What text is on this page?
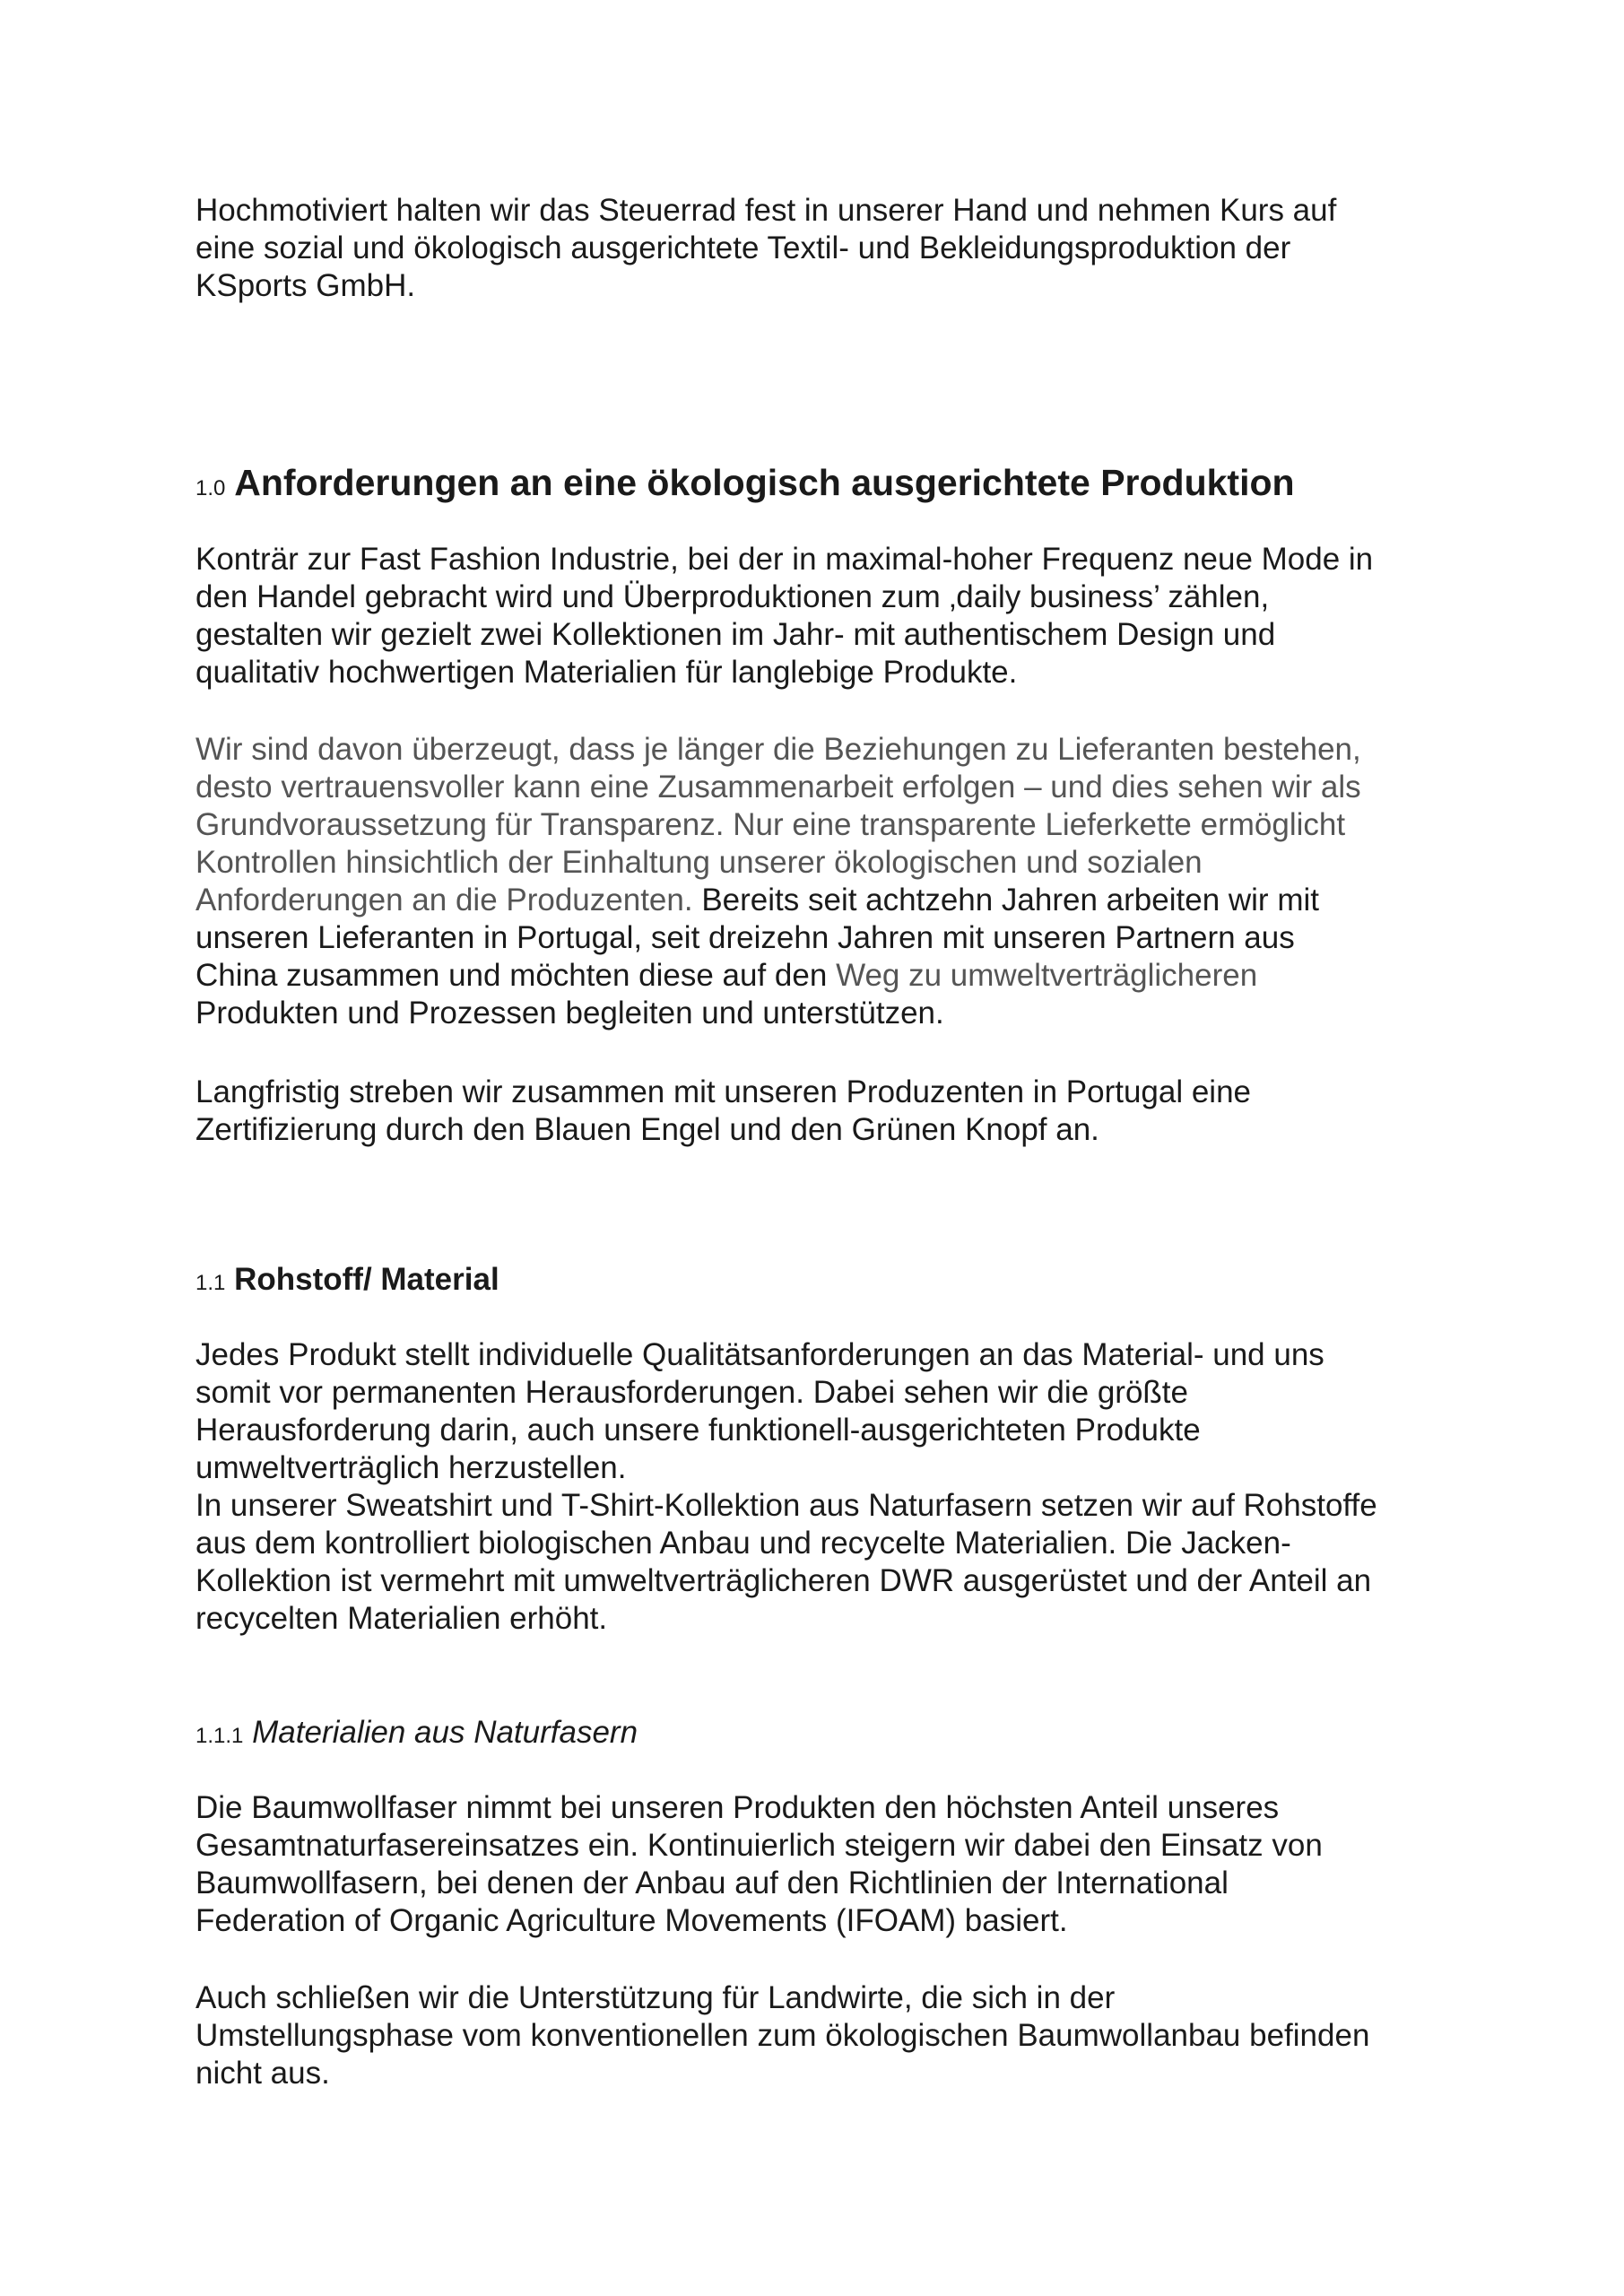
Hochmotiviert halten wir das Steuerrad fest in unserer Hand und nehmen Kurs auf
eine sozial und ökologisch ausgerichtete Textil- und Bekleidungsproduktion der
KSports GmbH.

1.0 Anforderungen an eine ökologisch ausgerichtete Produktion

Konträr zur Fast Fashion Industrie, bei der in maximal-hoher Frequenz neue Mode in
den Handel gebracht wird und Überproduktionen zum ‚daily business’ zählen,
gestalten wir gezielt zwei Kollektionen im Jahr- mit authentischem Design und
qualitativ hochwertigen Materialien für langlebige Produkte.

Wir sind davon überzeugt, dass je länger die Beziehungen zu Lieferanten bestehen,
desto vertrauensvoller kann eine Zusammenarbeit erfolgen – und dies sehen wir als
Grundvoraussetzung für Transparenz. Nur eine transparente Lieferkette ermöglicht
Kontrollen hinsichtlich der Einhaltung unserer ökologischen und sozialen
Anforderungen an die Produzenten. Bereits seit achtzehn Jahren arbeiten wir mit
unseren Lieferanten in Portugal, seit dreizehn Jahren mit unseren Partnern aus
China zusammen und möchten diese auf den Weg zu umweltverträglicheren
Produkten und Prozessen begleiten und unterstützen.

Langfristig streben wir zusammen mit unseren Produzenten in Portugal eine
Zertifizierung durch den Blauen Engel und den Grünen Knopf an.

1.1 Rohstoff/ Material

Jedes Produkt stellt individuelle Qualitätsanforderungen an das Material- und uns
somit vor permanenten Herausforderungen. Dabei sehen wir die größte
Herausforderung darin, auch unsere funktionell-ausgerichteten Produkte
umweltverträglich herzustellen.
In unserer Sweatshirt und T-Shirt-Kollektion aus Naturfasern setzen wir auf Rohstoffe
aus dem kontrolliert biologischen Anbau und recycelte Materialien. Die Jacken-
Kollektion ist vermehrt mit umweltverträglicheren DWR ausgerüstet und der Anteil an
recycelten Materialien erhöht.

1.1.1 Materialien aus Naturfasern

Die Baumwollfaser nimmt bei unseren Produkten den höchsten Anteil unseres
Gesamtnaturfasereinsatzes ein. Kontinuierlich steigern wir dabei den Einsatz von
Baumwollfasern, bei denen der Anbau auf den Richtlinien der International
Federation of Organic Agriculture Movements (IFOAM) basiert.

Auch schließen wir die Unterstützung für Landwirte, die sich in der
Umstellungsphase vom konventionellen zum ökologischen Baumwollanbau befinden
nicht aus.
